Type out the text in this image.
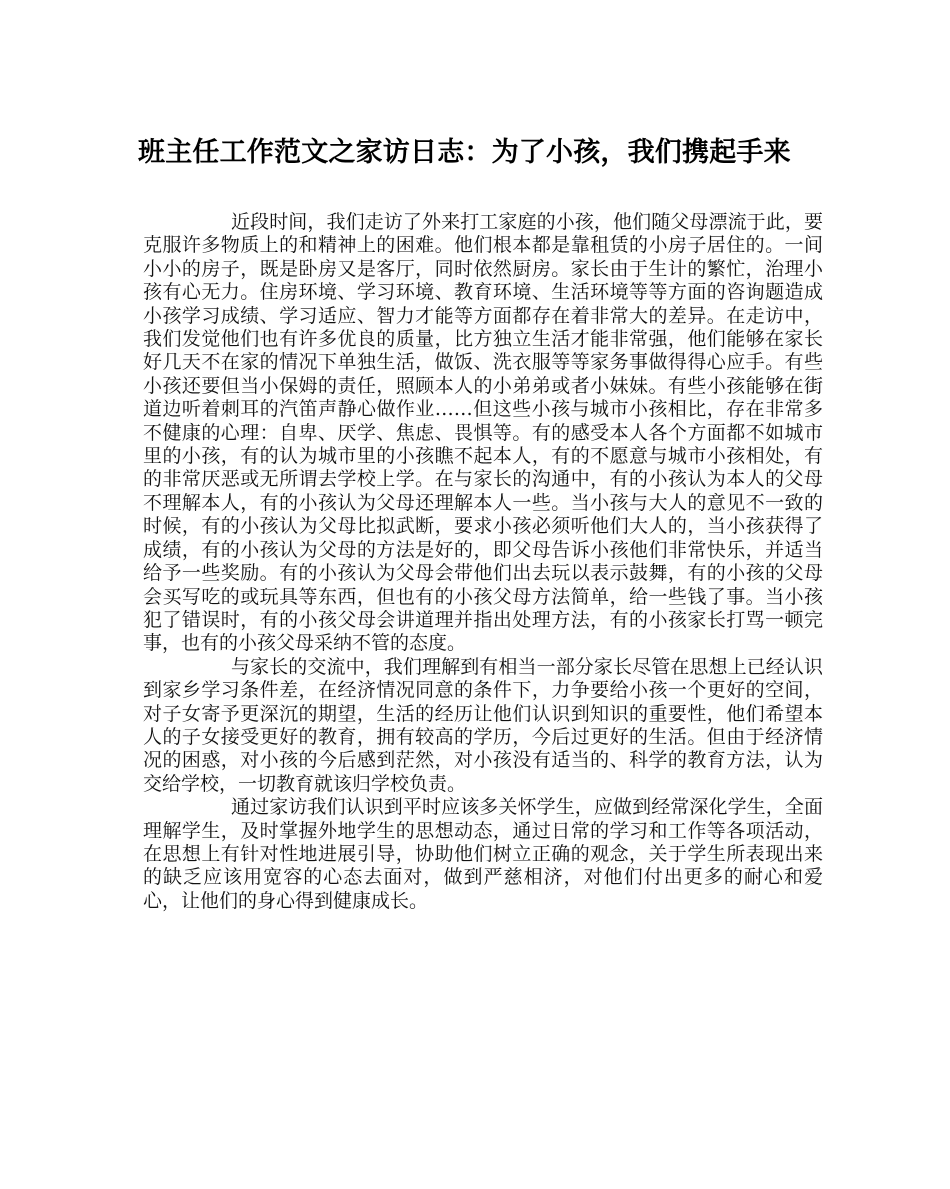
班主任工作范文之家访日志：为了小孩，我们携起手来

近段时间，我们走访了外来打工家庭的小孩，他们随父母漂流于此，要克服许多物质上的和精神上的困难。他们根本都是靠租赁的小房子居住的。一间小小的房子，既是卧房又是客厅，同时依然厨房。家长由于生计的繁忙，治理小孩有心无力。住房环境、学习环境、教育环境、生活环境等等方面的咨询题造成小孩学习成绩、学习适应、智力才能等方面都存在着非常大的差异。在走访中，我们发觉他们也有许多优良的质量，比方独立生活才能非常强，他们能够在家长好几天不在家的情况下单独生活，做饭、洗衣服等等家务事做得得心应手。有些小孩还要但当小保姆的责任，照顾本人的小弟弟或者小妹妹。有些小孩能够在街道边听着刺耳的汽笛声静心做作业……但这些小孩与城市小孩相比，存在非常多不健康的心理：自卑、厌学、焦虑、畏惧等。有的感受本人各个方面都不如城市里的小孩，有的认为城市里的小孩瞧不起本人，有的不愿意与城市小孩相处，有的非常厌恶或无所谓去学校上学。在与家长的沟通中，有的小孩认为本人的父母不理解本人，有的小孩认为父母还理解本人一些。当小孩与大人的意见不一致的时候，有的小孩认为父母比拟武断，要求小孩必须听他们大人的，当小孩获得了成绩，有的小孩认为父母的方法是好的，即父母告诉小孩他们非常快乐，并适当给予一些奖励。有的小孩认为父母会带他们出去玩以表示鼓舞，有的小孩的父母会买写吃的或玩具等东西，但也有的小孩父母方法简单，给一些钱了事。当小孩犯了错误时，有的小孩父母会讲道理并指出处理方法，有的小孩家长打骂一顿完事，也有的小孩父母采纳不管的态度。

与家长的交流中，我们理解到有相当一部分家长尽管在思想上已经认识到家乡学习条件差，在经济情况同意的条件下，力争要给小孩一个更好的空间，对子女寄予更深沉的期望，生活的经历让他们认识到知识的重要性，他们希望本人的子女接受更好的教育，拥有较高的学历，今后过更好的生活。但由于经济情况的困惑，对小孩的今后感到茫然，对小孩没有适当的、科学的教育方法，认为交给学校，一切教育就该归学校负责。

通过家访我们认识到平时应该多关怀学生，应做到经常深化学生，全面理解学生，及时掌握外地学生的思想动态，通过日常的学习和工作等各项活动，在思想上有针对性地进展引导，协助他们树立正确的观念，关于学生所表现出来的缺乏应该用宽容的心态去面对，做到严慈相济，对他们付出更多的耐心和爱心，让他们的身心得到健康成长。
